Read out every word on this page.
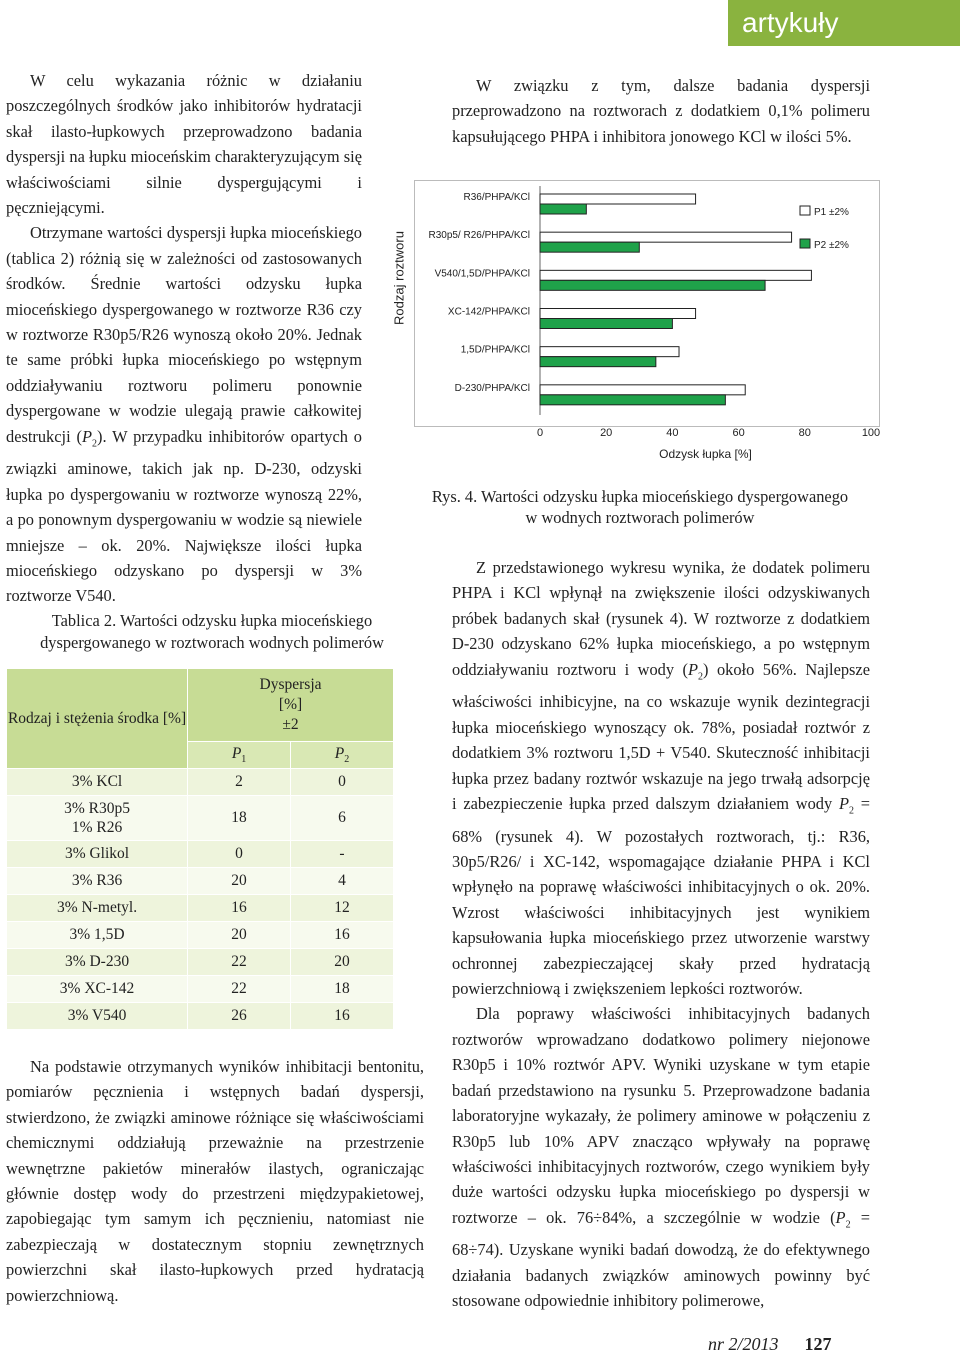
artykuły

W celu wykazania różnic w działaniu poszczególnych środków jako inhibitorów hydratacji skał ilasto-łupkowych przeprowadzono badania dyspersji na łupku mioceńskim charakteryzującym się właściwościami silnie dyspergującymi i pęczniejącymi.

Otrzymane wartości dyspersji łupka mioceńskiego (tablica 2) różnią się w zależności od zastosowanych środków. Średnie wartości odzysku łupka mioceńskiego dyspergowanego w roztworze R36 czy w roztworze R30p5/R26 wynoszą około 20%. Jednak te same próbki łupka mioceńskiego po wstępnym oddziaływaniu roztworu polimeru ponownie dyspergowane w wodzie ulegają prawie całkowitej destrukcji $(P_2)$. W przypadku inhibitorów opartych o związki aminowe, takich jak np. D-230, odzyski łupka po dyspergowaniu w roztworze wynoszą 22%, a po ponownym dyspergowaniu w wodzie są niewiele mniejsze – ok. 20%. Największe ilości łupka mioceńskiego odzyskano po dyspersji w 3% roztworze V540.

Tablica 2. Wartości odzysku łupka mioceńskiego
dyspergowanego w roztworach wodnych polimerów
Rodzaj i stężenia środka [%]	Dyspersja
[%]
±2	

	$P_1$	$P_2$
3% KCl	2	0

3% R30p5
1% R26	18	6
3% Glikol	0	-
3% R36	20	4
3% N-metyl.	16	12
3% 1,5D	20	16
3% D-230	22	20
3% XC-142	22	18
3% V540	26	16

Na podstawie otrzymanych wyników inhibitacji bentonitu, pomiarów pęcznienia i wstępnych badań dyspersji, stwierdzono, że związki aminowe różniące się właściwościami chemicznymi oddziałują przeważnie na przestrzenie wewnętrzne pakietów minerałów ilastych, ograniczając głównie dostęp wody do przestrzeni międzypakietowej, zapobiegając tym samym ich pęcznieniu, natomiast nie zabezpieczają w dostatecznym stopniu zewnętrznych powierzchni skał ilasto-łupkowych przed hydratacją powierzchniową.

W związku z tym, dalsze badania dyspersji przeprowadzono na roztworach z dodatkiem 0,1% polimeru kapsułującego PHPA i inhibitora jonowego KCl w ilości 5%.

Rodzaj roztworu
R36/PHPA/KCl
R30p5/ R26/PHPA/KCl
V540/1,5D/PHPA/KCl
XC-142/PHPA/KCl
1,5D/PHPA/KCl
D-230/PHPA/KCl
0	20	40	60	80	100
Odzysk łupka [%]
P1 ±2%
P2 ±2%
Rys. 4. Wartości odzysku łupka mioceńskiego dyspergowanego
w wodnych roztworach polimerów

Z przedstawionego wykresu wynika, że dodatek polimeru PHPA i KCl wpłynął na zwiększenie ilości odzyskiwanych próbek badanych skał (rysunek 4). W roztworze z dodatkiem D-230 odzyskano 62% łupka mioceńskiego, a po wstępnym oddziaływaniu roztworu i wody $(P_2)$ około 56%. Najlepsze właściwości inhibicyjne, na co wskazuje wynik dezintegracji łupka mioceńskiego wynoszący ok. 78%, posiadał roztwór z dodatkiem 3% roztworu 1,5D + V540. Skuteczność inhibitacji łupka przez badany roztwór wskazuje na jego trwałą adsorpcję i zabezpieczenie łupka przed dalszym działaniem wody $P_2 = 68\%$ (rysunek 4). W pozostałych roztworach, tj.: R36, 30p5/R26/ i XC-142, wspomagające działanie PHPA i KCl wpłynęło na poprawę właściwości inhibitacyjnych o ok. 20%. Wzrost właściwości inhibitacyjnych jest wynikiem kapsułowania łupka mioceńskiego przez utworzenie warstwy ochronnej zabezpieczającej skały przed hydratacją powierzchniową i zwiększeniem lepkości roztworów.

Dla poprawy właściwości inhibitacyjnych badanych roztworów wprowadzano dodatkowo polimery niejonowe R30p5 i 10% roztwór APV. Wyniki uzyskane w tym etapie badań przedstawiono na rysunku 5. Przeprowadzone badania laboratoryjne wykazały, że polimery aminowe w połączeniu z R30p5 lub 10% APV znacząco wpływały na poprawę właściwości inhibitacyjnych roztworów, czego wynikiem były duże wartości odzysku łupka mioceńskiego po dyspersji w roztworze – ok. 76÷84%, a szczególnie w wodzie $(P_2 = 68\div 74)$. Uzyskane wyniki badań dowodzą, że do efektywnego działania badanych związków aminowych powinny być stosowane odpowiednie inhibitory polimerowe,

nr 2/2013 127
